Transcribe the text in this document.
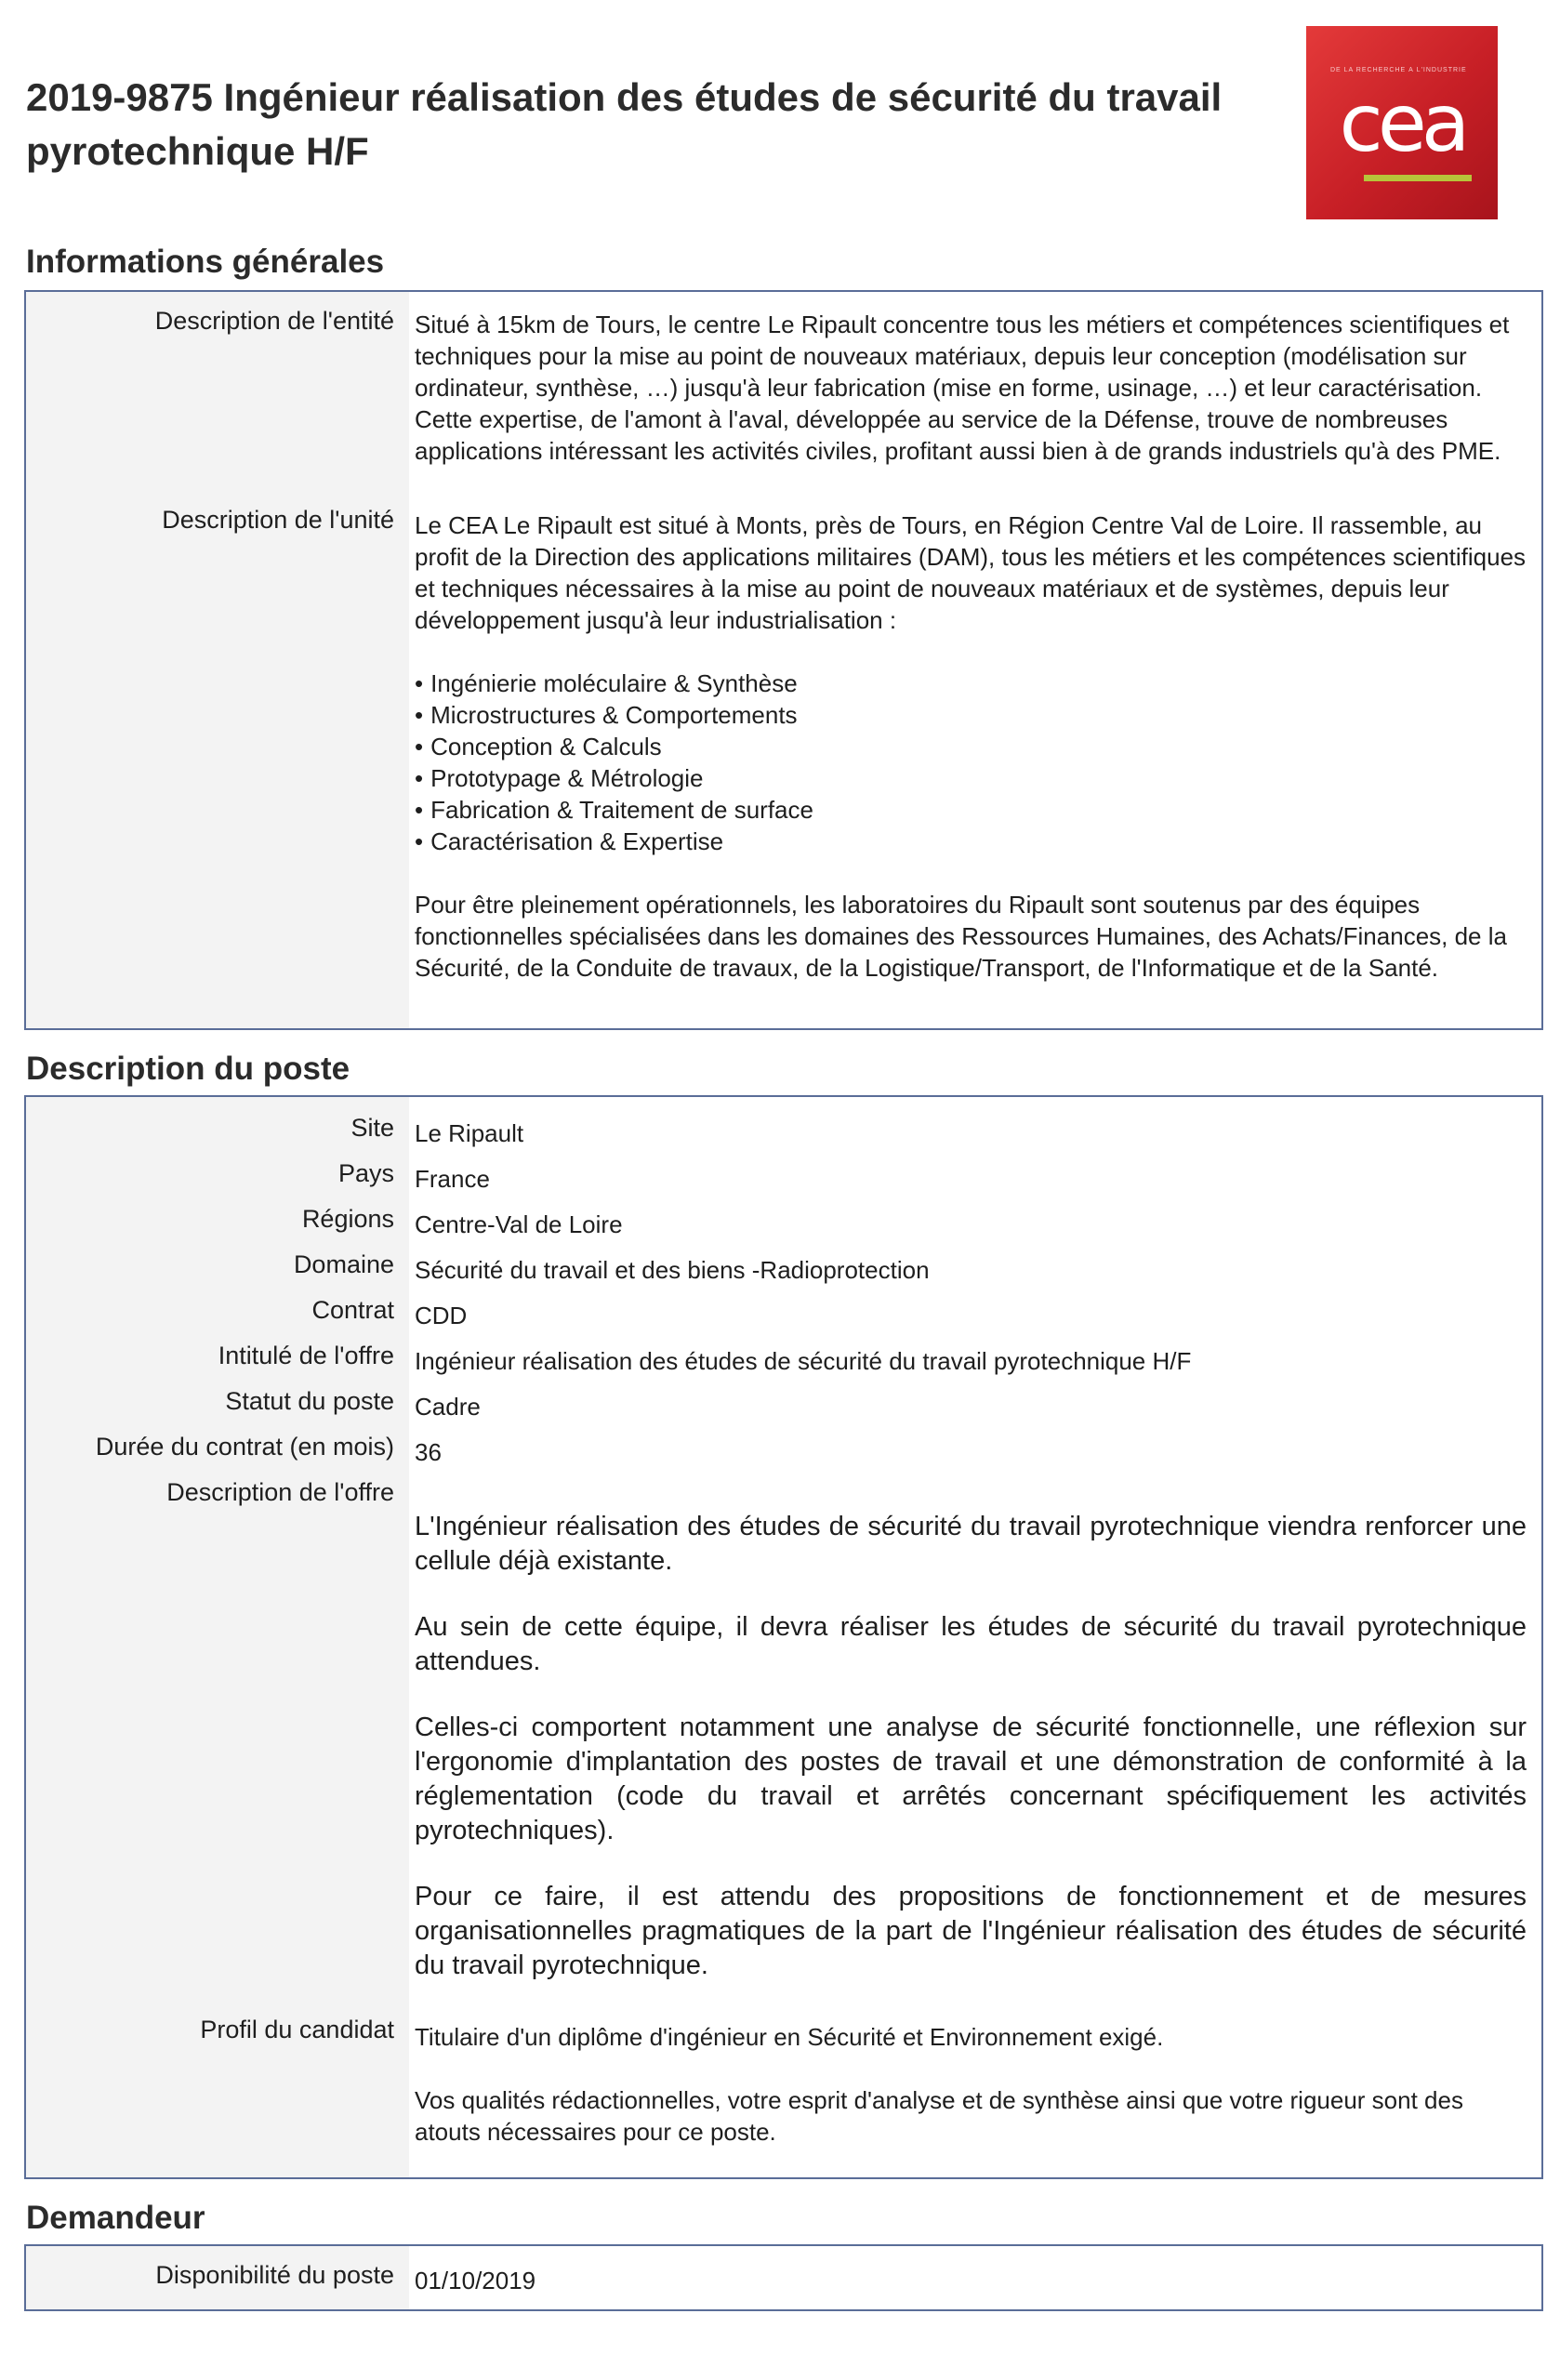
2019-9875 Ingénieur réalisation des études de sécurité du travail pyrotechnique H/F
DE LA RECHERCHE À L'INDUSTRIE
cea
Informations générales
Description de l'entité Situé à 15km de Tours, le centre Le Ripault concentre tous les métiers et compétences scientifiques et techniques pour la mise au point de nouveaux matériaux, depuis leur conception (modélisation sur ordinateur, synthèse, …) jusqu'à leur fabrication (mise en forme, usinage, …) et leur caractérisation. Cette expertise, de l'amont à l'aval, développée au service de la Défense, trouve de nombreuses applications intéressant les activités civiles, profitant aussi bien à de grands industriels qu'à des PME.
Description de l'unité Le CEA Le Ripault est situé à Monts, près de Tours, en Région Centre Val de Loire. Il rassemble, au profit de la Direction des applications militaires (DAM), tous les métiers et les compétences scientifiques et techniques nécessaires à la mise au point de nouveaux matériaux et de systèmes, depuis leur développement jusqu'à leur industrialisation :

• Ingénierie moléculaire & Synthèse
• Microstructures & Comportements
• Conception & Calculs
• Prototypage & Métrologie
• Fabrication & Traitement de surface
• Caractérisation & Expertise

Pour être pleinement opérationnels, les laboratoires du Ripault sont soutenus par des équipes fonctionnelles spécialisées dans les domaines des Ressources Humaines, des Achats/Finances, de la Sécurité, de la Conduite de travaux, de la Logistique/Transport, de l'Informatique et de la Santé.

Description du poste
Site Le Ripault
Pays France
Régions Centre-Val de Loire
Domaine Sécurité du travail et des biens -Radioprotection
Contrat CDD
Intitulé de l'offre Ingénieur réalisation des études de sécurité du travail pyrotechnique H/F
Statut du poste Cadre
Durée du contrat (en mois) 36
Description de l'offre

L'Ingénieur réalisation des études de sécurité du travail pyrotechnique viendra renforcer une cellule déjà existante.

Au sein de cette équipe, il devra réaliser les études de sécurité du travail pyrotechnique attendues.

Celles-ci comportent notamment une analyse de sécurité fonctionnelle, une réflexion sur l'ergonomie d'implantation des postes de travail et une démonstration de conformité à la réglementation (code du travail et arrêtés concernant spécifiquement les activités pyrotechniques).

Pour ce faire, il est attendu des propositions de fonctionnement et de mesures organisationnelles pragmatiques de la part de l'Ingénieur réalisation des études de sécurité du travail pyrotechnique.

Profil du candidat Titulaire d'un diplôme d'ingénieur en Sécurité et Environnement exigé.

Vos qualités rédactionnelles, votre esprit d'analyse et de synthèse ainsi que votre rigueur sont des atouts nécessaires pour ce poste.

Demandeur
Disponibilité du poste 01/10/2019
